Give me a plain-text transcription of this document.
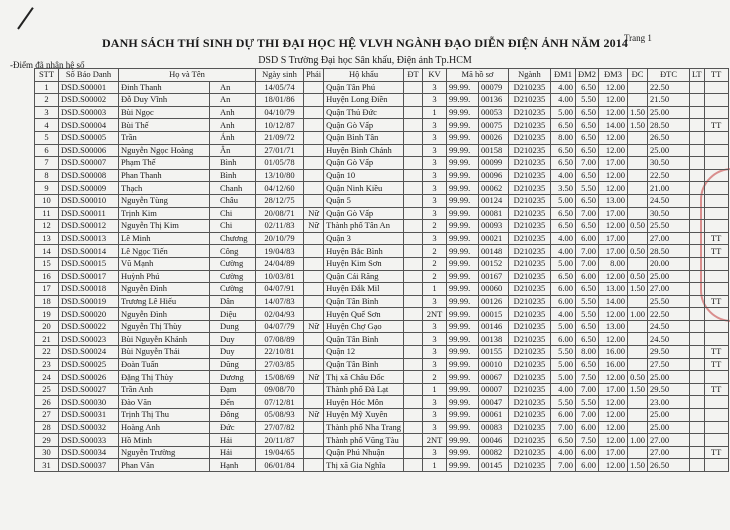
DANH SÁCH THÍ SINH DỰ THI ĐẠI HỌC HỆ VLVH NGÀNH ĐẠO DIỄN ĐIỆN ẢNH NĂM 2014
Trang 1
-Điểm đã nhân hệ số	DSD S Trường Đại học Sân khấu, Điện ảnh Tp.HCM
STT	Số Báo Danh	Họ và Tên		Ngày sinh	Phái	Hộ khẩu	ĐT	KV	Mã hồ sơ		Ngành	ĐM1	ĐM2	ĐM3	ĐC	ĐTC	LT	TT
1	DSD.S00001	Đinh Thanh	An	14/05/74		Quận Tân Phú		3	99.99.	00079	D210235	4.00	6.50	12.00		22.50		
2	DSD.S00002	Đỗ Duy Vĩnh	An	18/01/86		Huyện Long Điền		3	99.99.	00136	D210235	4.00	5.50	12.00		21.50		
3	DSD.S00003	Bùi Ngọc	Anh	04/10/79		Quận Thủ Đức		1	99.99.	00053	D210235	5.00	6.50	12.00	1.50	25.00		
4	DSD.S00004	Bùi Thế	Anh	10/12/87		Quận Gò Vấp		3	99.99.	00075	D210235	6.50	6.50	14.00	1.50	28.50		TT
5	DSD.S00005	Trần	Ánh	21/09/72		Quận Bình Tân		3	99.99.	00026	D210235	8.00	6.50	12.00		26.50		
6	DSD.S00006	Nguyễn Ngọc Hoàng	Ân	27/01/71		Huyện Bình Chánh		3	99.99.	00158	D210235	6.50	6.50	12.00		25.00		
7	DSD.S00007	Phạm Thế	Bình	01/05/78		Quận Gò Vấp		3	99.99.	00099	D210235	6.50	7.00	17.00		30.50		
8	DSD.S00008	Phan Thanh	Bình	13/10/80		Quận 10		3	99.99.	00096	D210235	4.00	6.50	12.00		22.50		
9	DSD.S00009	Thạch	Chanh	04/12/60		Quận Ninh Kiều		3	99.99.	00062	D210235	3.50	5.50	12.00		21.00		
10	DSD.S00010	Nguyễn Tùng	Châu	28/12/75		Quận 5		3	99.99.	00124	D210235	5.00	6.50	13.00		24.50		
11	DSD.S00011	Trịnh Kim	Chi	20/08/71	Nữ	Quận Gò Vấp		3	99.99.	00081	D210235	6.50	7.00	17.00		30.50		
12	DSD.S00012	Nguyễn Thị Kim	Chi	02/11/83	Nữ	Thành phố Tân An		2	99.99.	00093	D210235	6.50	6.50	12.00	0.50	25.50		
13	DSD.S00013	Lê Minh	Chương	20/10/79		Quận 3		3	99.99.	00021	D210235	4.00	6.00	17.00		27.00		TT
14	DSD.S00014	Lê Ngọc Tiến	Công	19/04/83		Huyện Bắc Bình		2	99.99.	00148	D210235	4.00	7.00	17.00	0.50	28.50		TT
15	DSD.S00015	Vũ Mạnh	Cường	24/04/89		Huyện Kim Sơn		2	99.99.	00152	D210235	5.00	7.00	8.00		20.00		
16	DSD.S00017	Huỳnh Phú	Cường	10/03/81		Quận Cái Răng		2	99.99.	00167	D210235	6.50	6.00	12.00	0.50	25.00		
17	DSD.S00018	Nguyễn Đình	Cường	04/07/91		Huyện Đắk Mil		1	99.99.	00060	D210235	6.00	6.50	13.00	1.50	27.00		
18	DSD.S00019	Trương Lê Hiếu	Dân	14/07/83		Quận Tân Bình		3	99.99.	00126	D210235	6.00	5.50	14.00		25.50		TT
19	DSD.S00020	Nguyễn Đình	Diệu	02/04/93		Huyện Quế Sơn		2NT	99.99.	00015	D210235	4.00	5.50	12.00	1.00	22.50		
20	DSD.S00022	Nguyễn Thị Thùy	Dung	04/07/79	Nữ	Huyện Chợ Gạo		3	99.99.	00146	D210235	5.00	6.50	13.00		24.50		
21	DSD.S00023	Bùi Nguyễn Khánh	Duy	07/08/89		Quận Tân Bình		3	99.99.	00138	D210235	6.00	6.50	12.00		24.50		
22	DSD.S00024	Bùi Nguyễn Thái	Duy	22/10/81		Quận 12		3	99.99.	00155	D210235	5.50	8.00	16.00		29.50		TT
23	DSD.S00025	Đoàn Tuấn	Dũng	27/03/85		Quận Tân Bình		3	99.99.	00010	D210235	5.00	6.50	16.00		27.50		TT
24	DSD.S00026	Đặng Thị Thùy	Dương	15/08/69	Nữ	Thị xã Châu Đốc		2	99.99.	00067	D210235	5.00	7.50	12.00	0.50	25.00		
25	DSD.S00027	Trần Anh	Đạm	09/08/70		Thành phố Đà Lạt		1	99.99.	00007	D210235	4.00	7.00	17.00	1.50	29.50		TT
26	DSD.S00030	Đào Văn	Đến	07/12/81		Huyện Hóc Môn		3	99.99.	00047	D210235	5.50	5.50	12.00		23.00		
27	DSD.S00031	Trịnh Thị Thu	Đông	05/08/93	Nữ	Huyện Mỹ Xuyên		3	99.99.	00061	D210235	6.00	7.00	12.00		25.00		
28	DSD.S00032	Hoàng Anh	Đức	27/07/82		Thành phố Nha Trang		3	99.99.	00083	D210235	7.00	6.00	12.00		25.00		
29	DSD.S00033	Hồ Minh	Hải	20/11/87		Thành phố Vũng Tàu		2NT	99.99.	00046	D210235	6.50	7.50	12.00	1.00	27.00		
30	DSD.S00034	Nguyễn Trường	Hải	19/04/65		Quận Phú Nhuận		3	99.99.	00082	D210235	4.00	6.00	17.00		27.00		TT
31	DSD.S00037	Phan Văn	Hạnh	06/01/84		Thị xã Gia Nghĩa		1	99.99.	00145	D210235	7.00	6.00	12.00	1.50	26.50		
